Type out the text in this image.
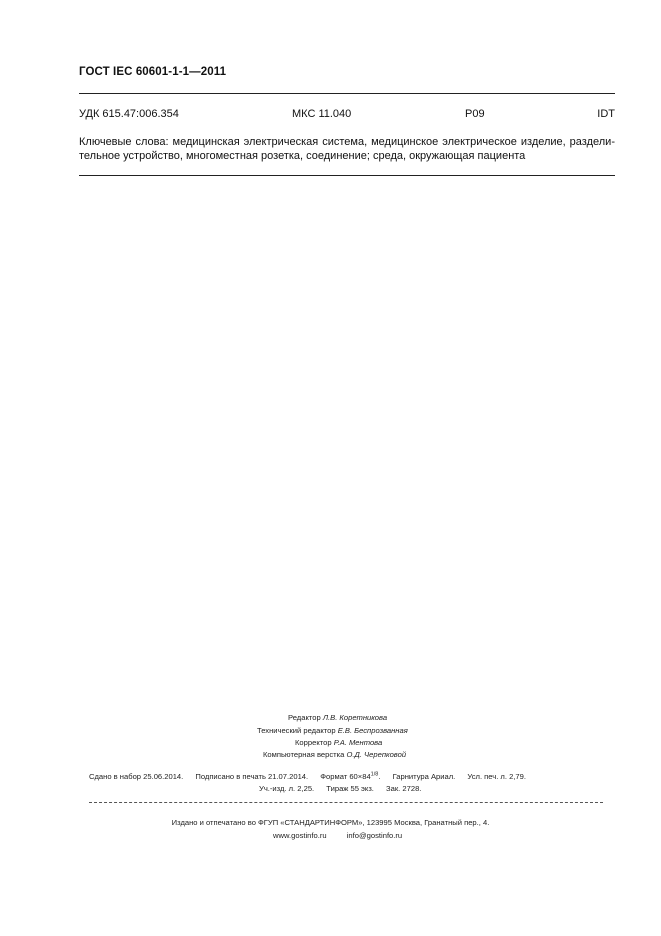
ГОСТ IEC 60601-1-1—2011
УДК 615.47:006.354	МКС 11.040	Р09	IDT
Ключевые слова: медицинская электрическая система, медицинское электрическое изделие, раздели-
тельное устройство, многоместная розетка, соединение; среда, окружающая пациента
Редактор Л.В. Коретникова
Технический редактор Е.В. Беспрозванная
Корректор Р.А. Ментова
Компьютерная верстка О.Д. Черепковой
Сдано в набор 25.06.2014. Подписано в печать 21.07.2014. Формат $60\times 84^{1/8}$. Гарнитура Ариал. Усл. печ. л. 2,79.
Уч.-изд. л. 2,25. Тираж 55 экз. Зак. 2728.
Издано и отпечатано во ФГУП «СТАНДАРТИНФОРМ», 123995 Москва, Гранатный пер., 4.
www.gostinfo.ru	info@gostinfo.ru
